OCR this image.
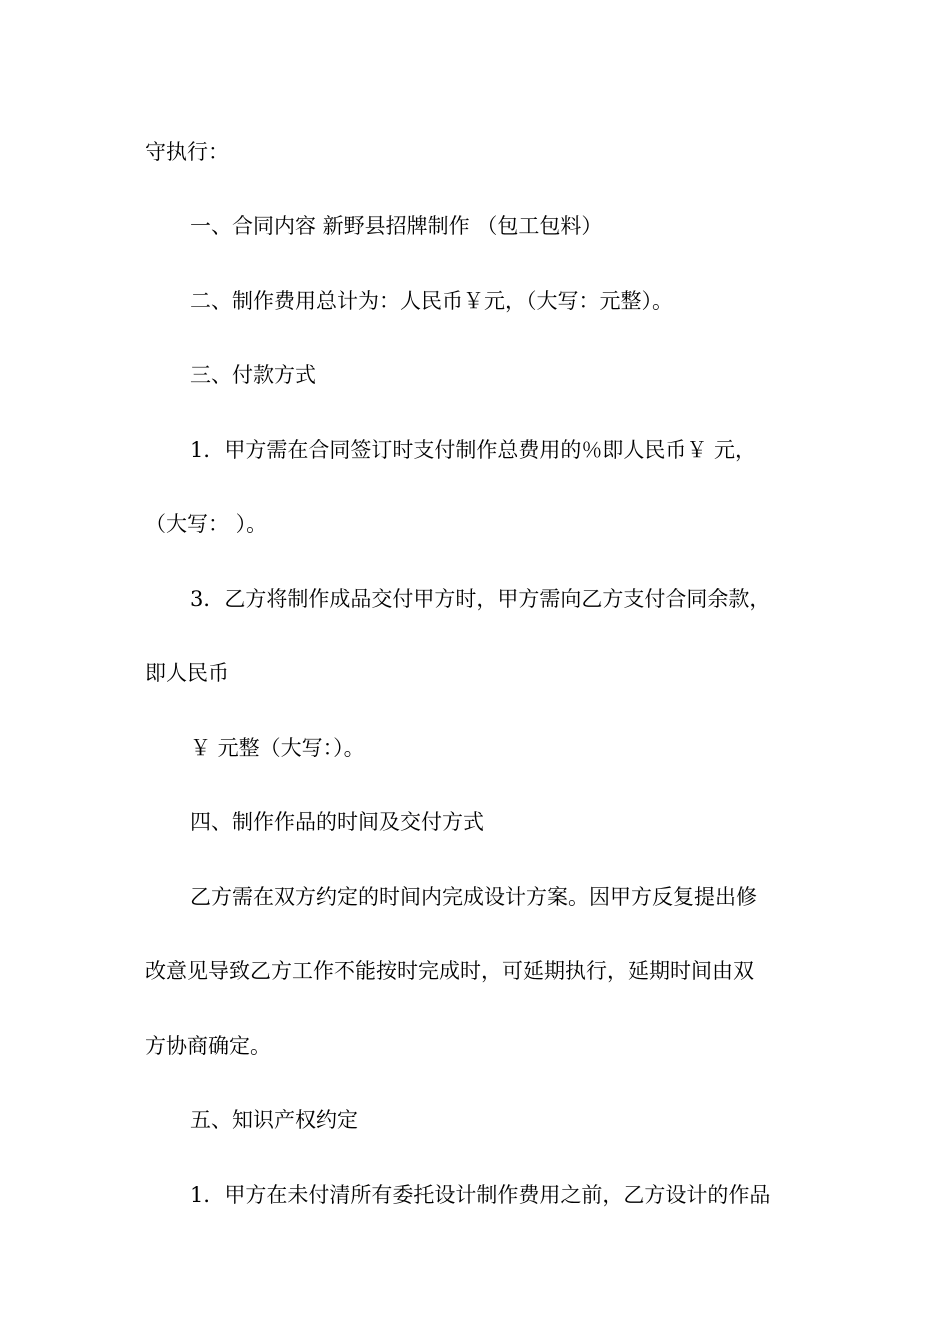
守执行：
一、合同内容 新野县招牌制作 （包工包料）
二、制作费用总计为：人民币￥元，（大写：元整）。
三、付款方式
1．甲方需在合同签订时支付制作总费用的％即人民币￥ 元，
（大写： ）。
3．乙方将制作成品交付甲方时，甲方需向乙方支付合同余款，
即人民币
￥ 元整（大写：）。
四、制作作品的时间及交付方式
乙方需在双方约定的时间内完成设计方案。因甲方反复提出修
改意见导致乙方工作不能按时完成时，可延期执行，延期时间由双
方协商确定。
五、知识产权约定
1．甲方在未付清所有委托设计制作费用之前，乙方设计的作品
